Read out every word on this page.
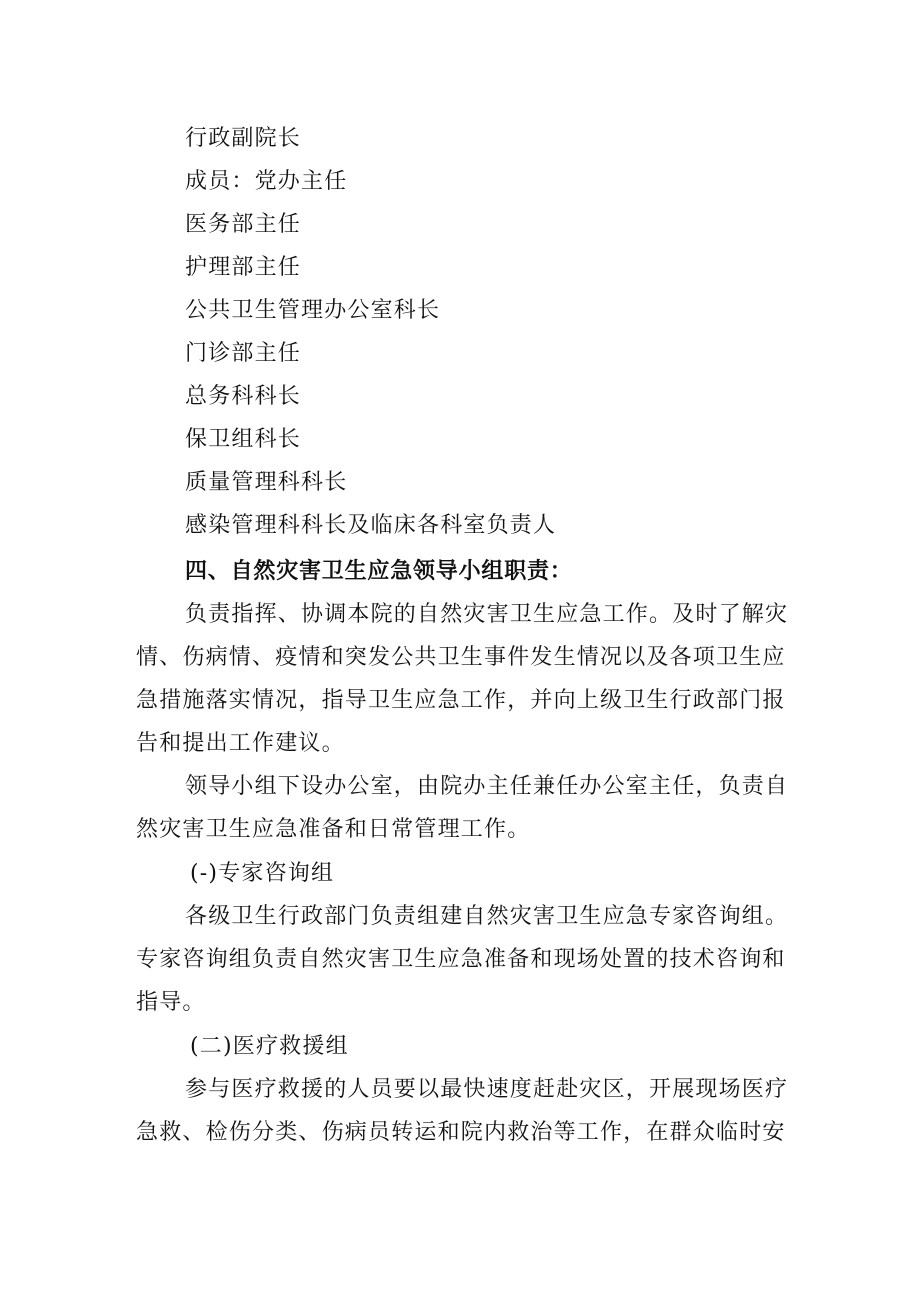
行政副院长
成员：党办主任
医务部主任
护理部主任
公共卫生管理办公室科长
门诊部主任
总务科科长
保卫组科长
质量管理科科长
感染管理科科长及临床各科室负责人
四、自然灾害卫生应急领导小组职责：
负责指挥、协调本院的自然灾害卫生应急工作。及时了解灾
情、伤病情、疫情和突发公共卫生事件发生情况以及各项卫生应
急措施落实情况，指导卫生应急工作，并向上级卫生行政部门报
告和提出工作建议。
领导小组下设办公室，由院办主任兼任办公室主任，负责自
然灾害卫生应急准备和日常管理工作。
(-)专家咨询组
各级卫生行政部门负责组建自然灾害卫生应急专家咨询组。
专家咨询组负责自然灾害卫生应急准备和现场处置的技术咨询和
指导。
(二)医疗救援组
参与医疗救援的人员要以最快速度赶赴灾区，开展现场医疗
急救、检伤分类、伤病员转运和院内救治等工作，在群众临时安
